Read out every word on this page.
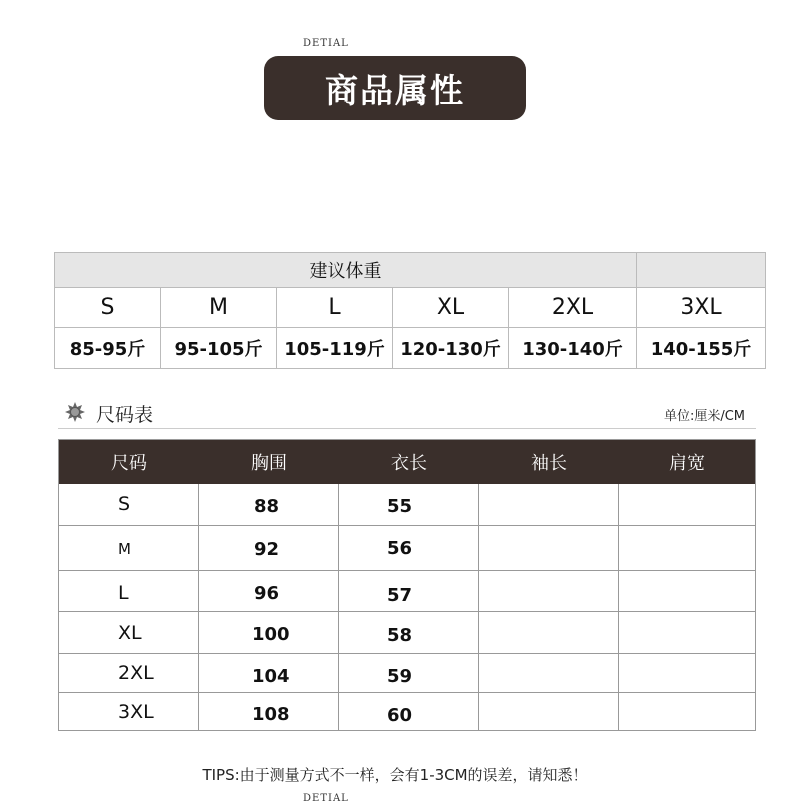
DETIAL
商品属性
建议体重
S	M	L	XL	2XL	3XL
85-95斤	95-105斤	105-119斤 120-130斤	130-140斤	140-155斤
尺码表	单位:厘米/CM
尺码	胸围	衣长	袖长	肩宽
S	88	55
M	92	56
L	96	57
XL	100	58
2XL	104	59
3XL	108	60
TIPS:由于测量方式不一样，会有1-3CM的误差，请知悉！
DETIAL
